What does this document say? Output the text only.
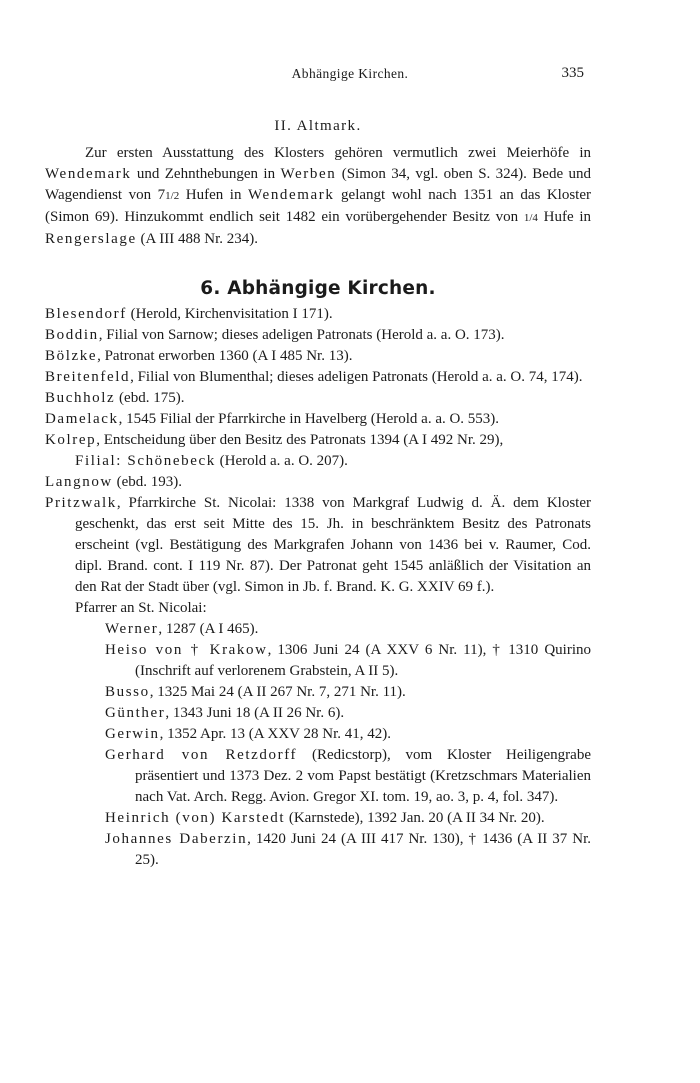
Abhängige Kirchen.	335
II. Altmark.

Zur ersten Ausstattung des Klosters gehören vermutlich zwei Meierhöfe in Wendemark und Zehnthebungen in Werben (Simon 34, vgl. oben S. 324). Bede und Wagendienst von 71/2 Hufen in Wendemark gelangt wohl nach 1351 an das Kloster (Simon 69). Hinzukommt endlich seit 1482 ein vorübergehender Besitz von 1/4 Hufe in Rengerslage (A III 488 Nr. 234).

6. Abhängige Kirchen.

Blesendorf (Herold, Kirchenvisitation I 171).

Boddin, Filial von Sarnow; dieses adeligen Patronats (Herold a. a. O. 173).

Bölzke, Patronat erworben 1360 (A I 485 Nr. 13).

Breitenfeld, Filial von Blumenthal; dieses adeligen Patronats (Herold a. a. O. 74, 174).

Buchholz (ebd. 175).

Damelack, 1545 Filial der Pfarrkirche in Havelberg (Herold a. a. O. 553).

Kolrep, Entscheidung über den Besitz des Patronats 1394 (A I 492 Nr. 29),

Filial: Schönebeck (Herold a. a. O. 207).

Langnow (ebd. 193).

Pritzwalk, Pfarrkirche St. Nicolai: 1338 von Markgraf Ludwig d. Ä. dem Kloster geschenkt, das erst seit Mitte des 15. Jh. in beschränktem Besitz des Patronats erscheint (vgl. Bestätigung des Markgrafen Johann von 1436 bei v. Raumer, Cod. dipl. Brand. cont. I 119 Nr. 87). Der Patronat geht 1545 anläßlich der Visitation an den Rat der Stadt über (vgl. Simon in Jb. f. Brand. K. G. XXIV 69 f.).

Pfarrer an St. Nicolai:

Werner, 1287 (A I 465).

Heiso von † Krakow, 1306 Juni 24 (A XXV 6 Nr. 11), † 1310 Quirino (Inschrift auf verlorenem Grabstein, A II 5).

Busso, 1325 Mai 24 (A II 267 Nr. 7, 271 Nr. 11).

Günther, 1343 Juni 18 (A II 26 Nr. 6).

Gerwin, 1352 Apr. 13 (A XXV 28 Nr. 41, 42).

Gerhard von Retzdorff (Redicstorp), vom Kloster Heiligengrabe präsentiert und 1373 Dez. 2 vom Papst bestätigt (Kretzschmars Materialien nach Vat. Arch. Regg. Avion. Gregor XI. tom. 19, ao. 3, p. 4, fol. 347).

Heinrich (von) Karstedt (Karnstede), 1392 Jan. 20 (A II 34 Nr. 20).

Johannes Daberzin, 1420 Juni 24 (A III 417 Nr. 130), † 1436 (A II 37 Nr. 25).
